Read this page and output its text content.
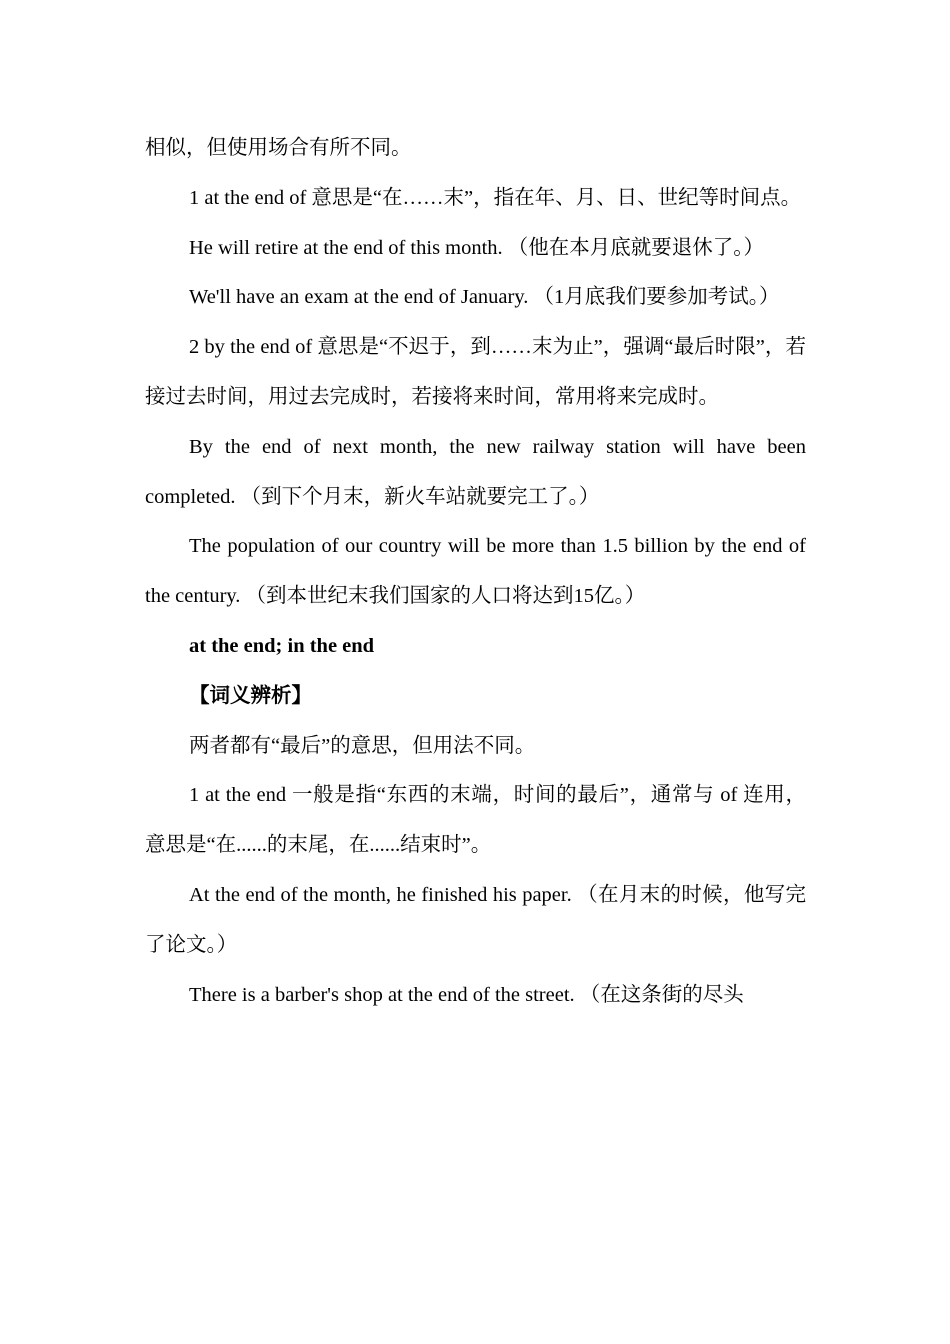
相似，但使用场合有所不同。

1 at the end of 意思是“在……末”，指在年、月、日、世纪等时间点。

He will retire at the end of this month. （他在本月底就要退休了。）

We'll have an exam at the end of January. （1月底我们要参加考试。）

2 by the end of 意思是“不迟于，到……末为止”，强调“最后时限”，若接过去时间，用过去完成时，若接将来时间，常用将来完成时。

By the end of next month, the new railway station will have been completed. （到下个月末，新火车站就要完工了。）

The population of our country will be more than 1.5 billion by the end of the century. （到本世纪末我们国家的人口将达到15亿。）

at the end; in the end

【词义辨析】

两者都有“最后”的意思，但用法不同。

1 at the end 一般是指“东西的末端，时间的最后”，通常与 of 连用，意思是“在......的末尾，在......结束时”。

At the end of the month, he finished his paper. （在月末的时候，他写完了论文。）

There is a barber's shop at the end of the street. （在这条街的尽头
